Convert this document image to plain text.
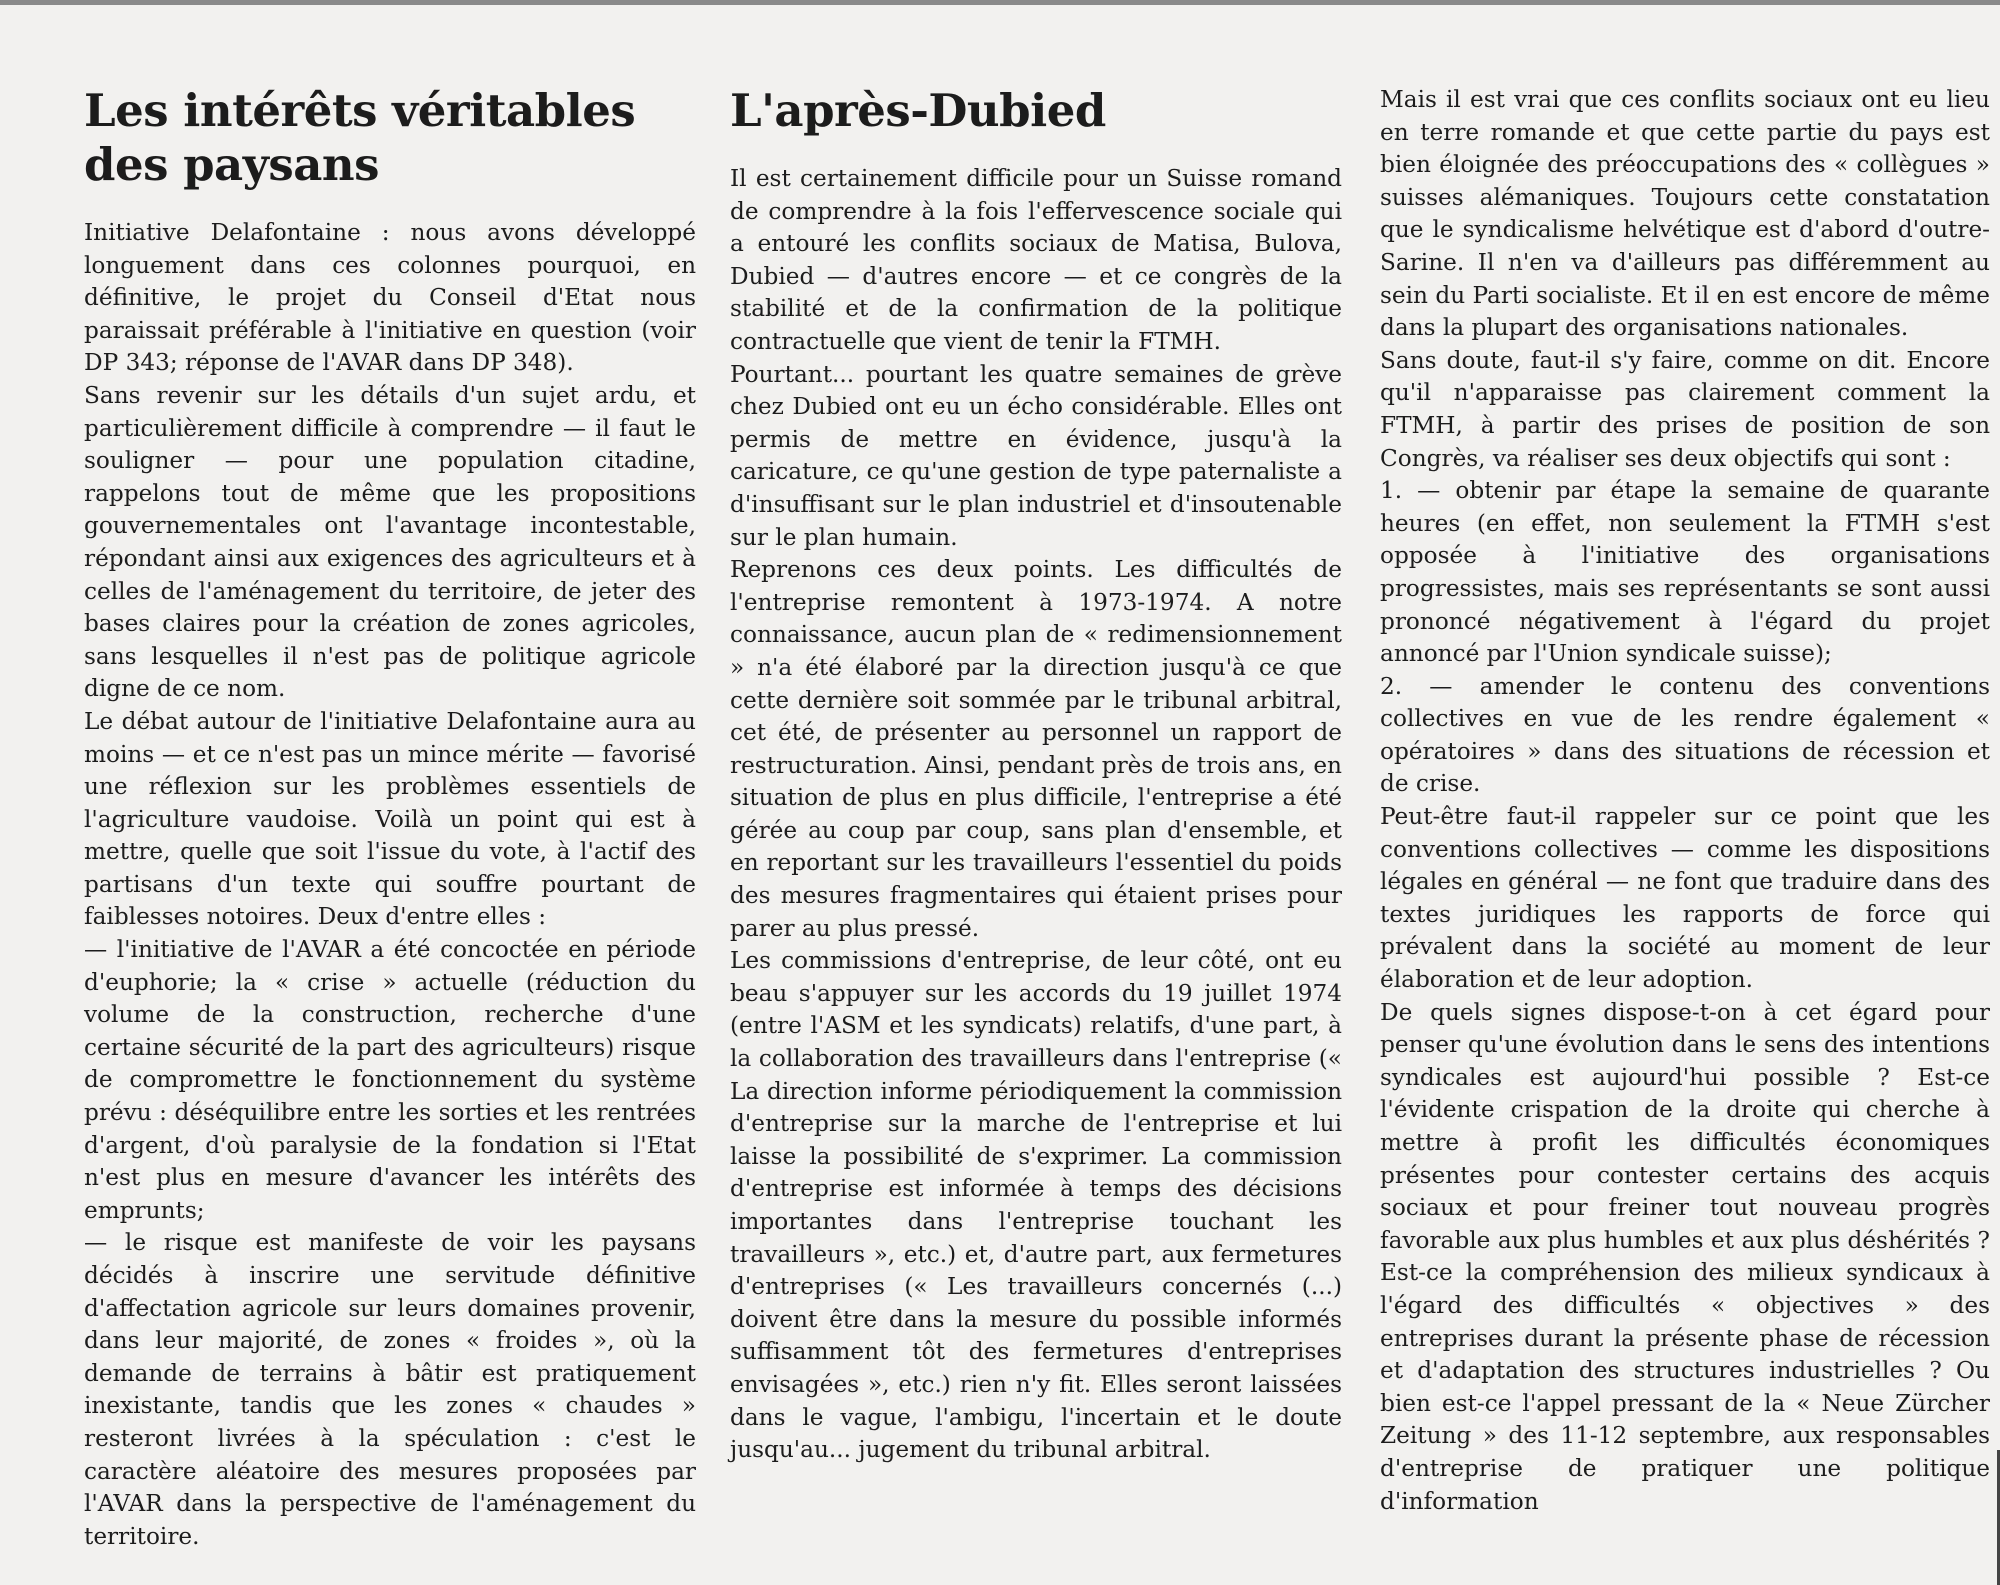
Les intérêts véritables
des paysans

Initiative Delafontaine : nous avons développé longuement dans ces colonnes pourquoi, en définitive, le projet du Conseil d'Etat nous paraissait préférable à l'initiative en question (voir DP 343; réponse de l'AVAR dans DP 348).

Sans revenir sur les détails d'un sujet ardu, et particulièrement difficile à comprendre — il faut le souligner — pour une population citadine, rappelons tout de même que les propositions gouvernementales ont l'avantage incontestable, répondant ainsi aux exigences des agriculteurs et à celles de l'aménagement du territoire, de jeter des bases claires pour la création de zones agricoles, sans lesquelles il n'est pas de politique agricole digne de ce nom.

Le débat autour de l'initiative Delafontaine aura au moins — et ce n'est pas un mince mérite — favorisé une réflexion sur les problèmes essentiels de l'agriculture vaudoise. Voilà un point qui est à mettre, quelle que soit l'issue du vote, à l'actif des partisans d'un texte qui souffre pourtant de faiblesses notoires. Deux d'entre elles :

— l'initiative de l'AVAR a été concoctée en période d'euphorie; la « crise » actuelle (réduction du volume de la construction, recherche d'une certaine sécurité de la part des agriculteurs) risque de compromettre le fonctionnement du système prévu : déséquilibre entre les sorties et les rentrées d'argent, d'où paralysie de la fondation si l'Etat n'est plus en mesure d'avancer les intérêts des emprunts;

— le risque est manifeste de voir les paysans décidés à inscrire une servitude définitive d'affectation agricole sur leurs domaines provenir, dans leur majorité, de zones « froides », où la demande de terrains à bâtir est pratiquement inexistante, tandis que les zones « chaudes » resteront livrées à la spéculation : c'est le caractère aléatoire des mesures proposées par l'AVAR dans la perspective de l'aménagement du territoire.

L'après-Dubied

Il est certainement difficile pour un Suisse romand de comprendre à la fois l'effervescence sociale qui a entouré les conflits sociaux de Matisa, Bulova, Dubied — d'autres encore — et ce congrès de la stabilité et de la confirmation de la politique contractuelle que vient de tenir la FTMH.

Pourtant... pourtant les quatre semaines de grève chez Dubied ont eu un écho considérable. Elles ont permis de mettre en évidence, jusqu'à la caricature, ce qu'une gestion de type paternaliste a d'insuffisant sur le plan industriel et d'insoutenable sur le plan humain.

Reprenons ces deux points. Les difficultés de l'entreprise remontent à 1973-1974. A notre connaissance, aucun plan de « redimensionnement » n'a été élaboré par la direction jusqu'à ce que cette dernière soit sommée par le tribunal arbitral, cet été, de présenter au personnel un rapport de restructuration. Ainsi, pendant près de trois ans, en situation de plus en plus difficile, l'entreprise a été gérée au coup par coup, sans plan d'ensemble, et en reportant sur les travailleurs l'essentiel du poids des mesures fragmentaires qui étaient prises pour parer au plus pressé.

Les commissions d'entreprise, de leur côté, ont eu beau s'appuyer sur les accords du 19 juillet 1974 (entre l'ASM et les syndicats) relatifs, d'une part, à la collaboration des travailleurs dans l'entreprise (« La direction informe périodiquement la commission d'entreprise sur la marche de l'entreprise et lui laisse la possibilité de s'exprimer. La commission d'entreprise est informée à temps des décisions importantes dans l'entreprise touchant les travailleurs », etc.) et, d'autre part, aux fermetures d'entreprises (« Les travailleurs concernés (...) doivent être dans la mesure du possible informés suffisamment tôt des fermetures d'entreprises envisagées », etc.) rien n'y fit. Elles seront laissées dans le vague, l'ambigu, l'incertain et le doute jusqu'au... jugement du tribunal arbitral.

Mais il est vrai que ces conflits sociaux ont eu lieu en terre romande et que cette partie du pays est bien éloignée des préoccupations des « collègues » suisses alémaniques. Toujours cette constatation que le syndicalisme helvétique est d'abord d'outre-Sarine. Il n'en va d'ailleurs pas différemment au sein du Parti socialiste. Et il en est encore de même dans la plupart des organisations nationales.

Sans doute, faut-il s'y faire, comme on dit. Encore qu'il n'apparaisse pas clairement comment la FTMH, à partir des prises de position de son Congrès, va réaliser ses deux objectifs qui sont :

1. — obtenir par étape la semaine de quarante heures (en effet, non seulement la FTMH s'est opposée à l'initiative des organisations progressistes, mais ses représentants se sont aussi prononcé négativement à l'égard du projet annoncé par l'Union syndicale suisse);

2. — amender le contenu des conventions collectives en vue de les rendre également « opératoires » dans des situations de récession et de crise.

Peut-être faut-il rappeler sur ce point que les conventions collectives — comme les dispositions légales en général — ne font que traduire dans des textes juridiques les rapports de force qui prévalent dans la société au moment de leur élaboration et de leur adoption.

De quels signes dispose-t-on à cet égard pour penser qu'une évolution dans le sens des intentions syndicales est aujourd'hui possible ? Est-ce l'évidente crispation de la droite qui cherche à mettre à profit les difficultés économiques présentes pour contester certains des acquis sociaux et pour freiner tout nouveau progrès favorable aux plus humbles et aux plus déshérités ? Est-ce la compréhension des milieux syndicaux à l'égard des difficultés « objectives » des entreprises durant la présente phase de récession et d'adaptation des structures industrielles ? Ou bien est-ce l'appel pressant de la « Neue Zürcher Zeitung » des 11-12 septembre, aux responsables d'entreprise de pratiquer une politique d'information
